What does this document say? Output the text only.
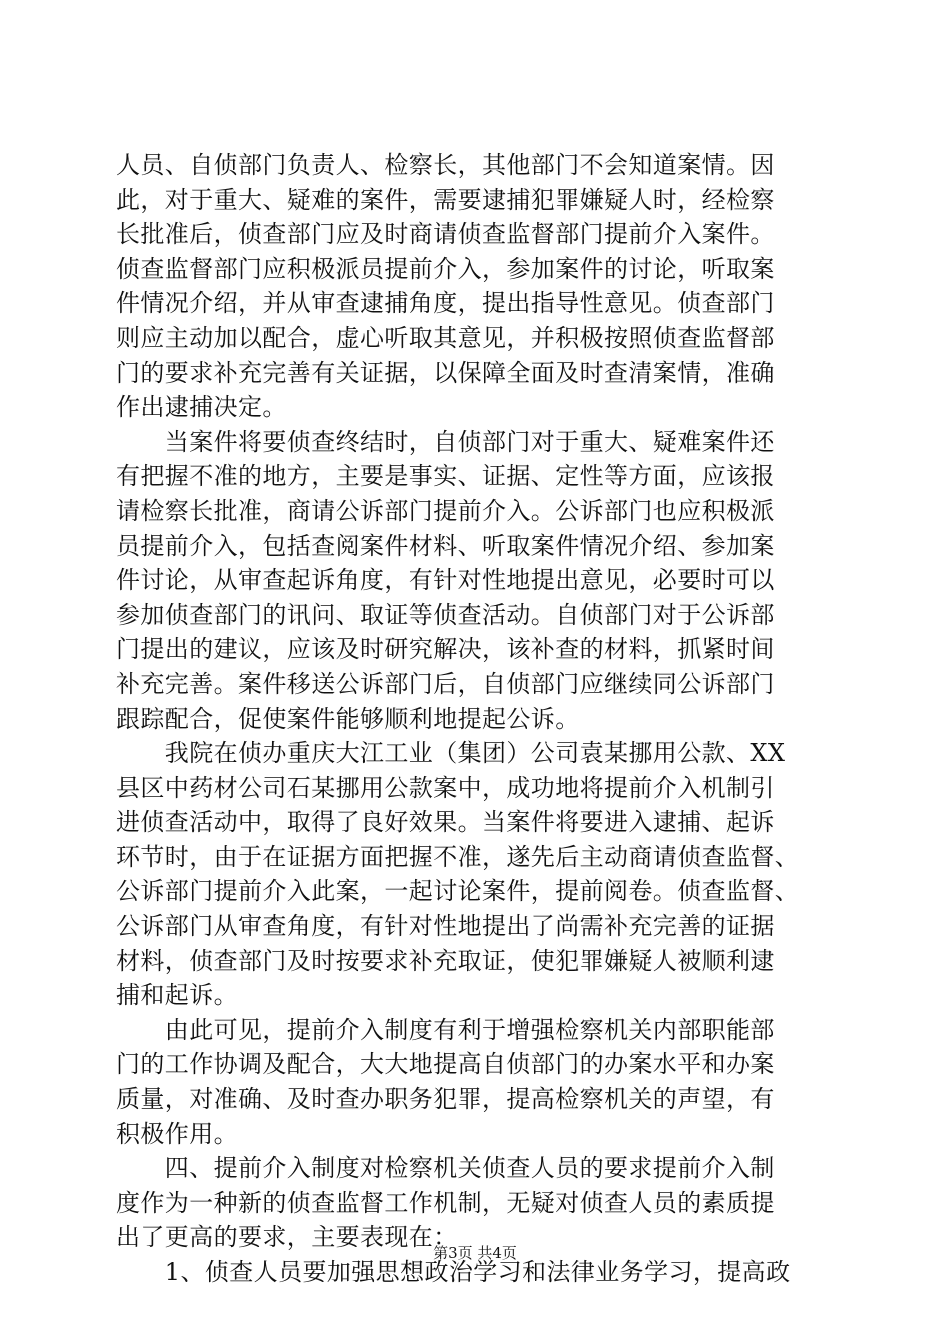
人员、自侦部门负责人、检察长，其他部门不会知道案情。因
此，对于重大、疑难的案件，需要逮捕犯罪嫌疑人时，经检察
长批准后，侦查部门应及时商请侦查监督部门提前介入案件。
侦查监督部门应积极派员提前介入，参加案件的讨论，听取案
件情况介绍，并从审查逮捕角度，提出指导性意见。侦查部门
则应主动加以配合，虚心听取其意见，并积极按照侦查监督部
门的要求补充完善有关证据，以保障全面及时查清案情，准确
作出逮捕决定。
　　当案件将要侦查终结时，自侦部门对于重大、疑难案件还
有把握不准的地方，主要是事实、证据、定性等方面，应该报
请检察长批准，商请公诉部门提前介入。公诉部门也应积极派
员提前介入，包括查阅案件材料、听取案件情况介绍、参加案
件讨论，从审查起诉角度，有针对性地提出意见，必要时可以
参加侦查部门的讯问、取证等侦查活动。自侦部门对于公诉部
门提出的建议，应该及时研究解决，该补查的材料，抓紧时间
补充完善。案件移送公诉部门后，自侦部门应继续同公诉部门
跟踪配合，促使案件能够顺利地提起公诉。
　　我院在侦办重庆大江工业（集团）公司袁某挪用公款、XX
县区中药材公司石某挪用公款案中，成功地将提前介入机制引
进侦查活动中，取得了良好效果。当案件将要进入逮捕、起诉
环节时，由于在证据方面把握不准，遂先后主动商请侦查监督、
公诉部门提前介入此案，一起讨论案件，提前阅卷。侦查监督、
公诉部门从审查角度，有针对性地提出了尚需补充完善的证据
材料，侦查部门及时按要求补充取证，使犯罪嫌疑人被顺利逮
捕和起诉。
　　由此可见，提前介入制度有利于增强检察机关内部职能部
门的工作协调及配合，大大地提高自侦部门的办案水平和办案
质量，对准确、及时查办职务犯罪，提高检察机关的声望，有
积极作用。
　　四、提前介入制度对检察机关侦查人员的要求提前介入制
度作为一种新的侦查监督工作机制，无疑对侦查人员的素质提
出了更高的要求，主要表现在：
　　1、侦查人员要加强思想政治学习和法律业务学习，提高政
第3页 共4页
